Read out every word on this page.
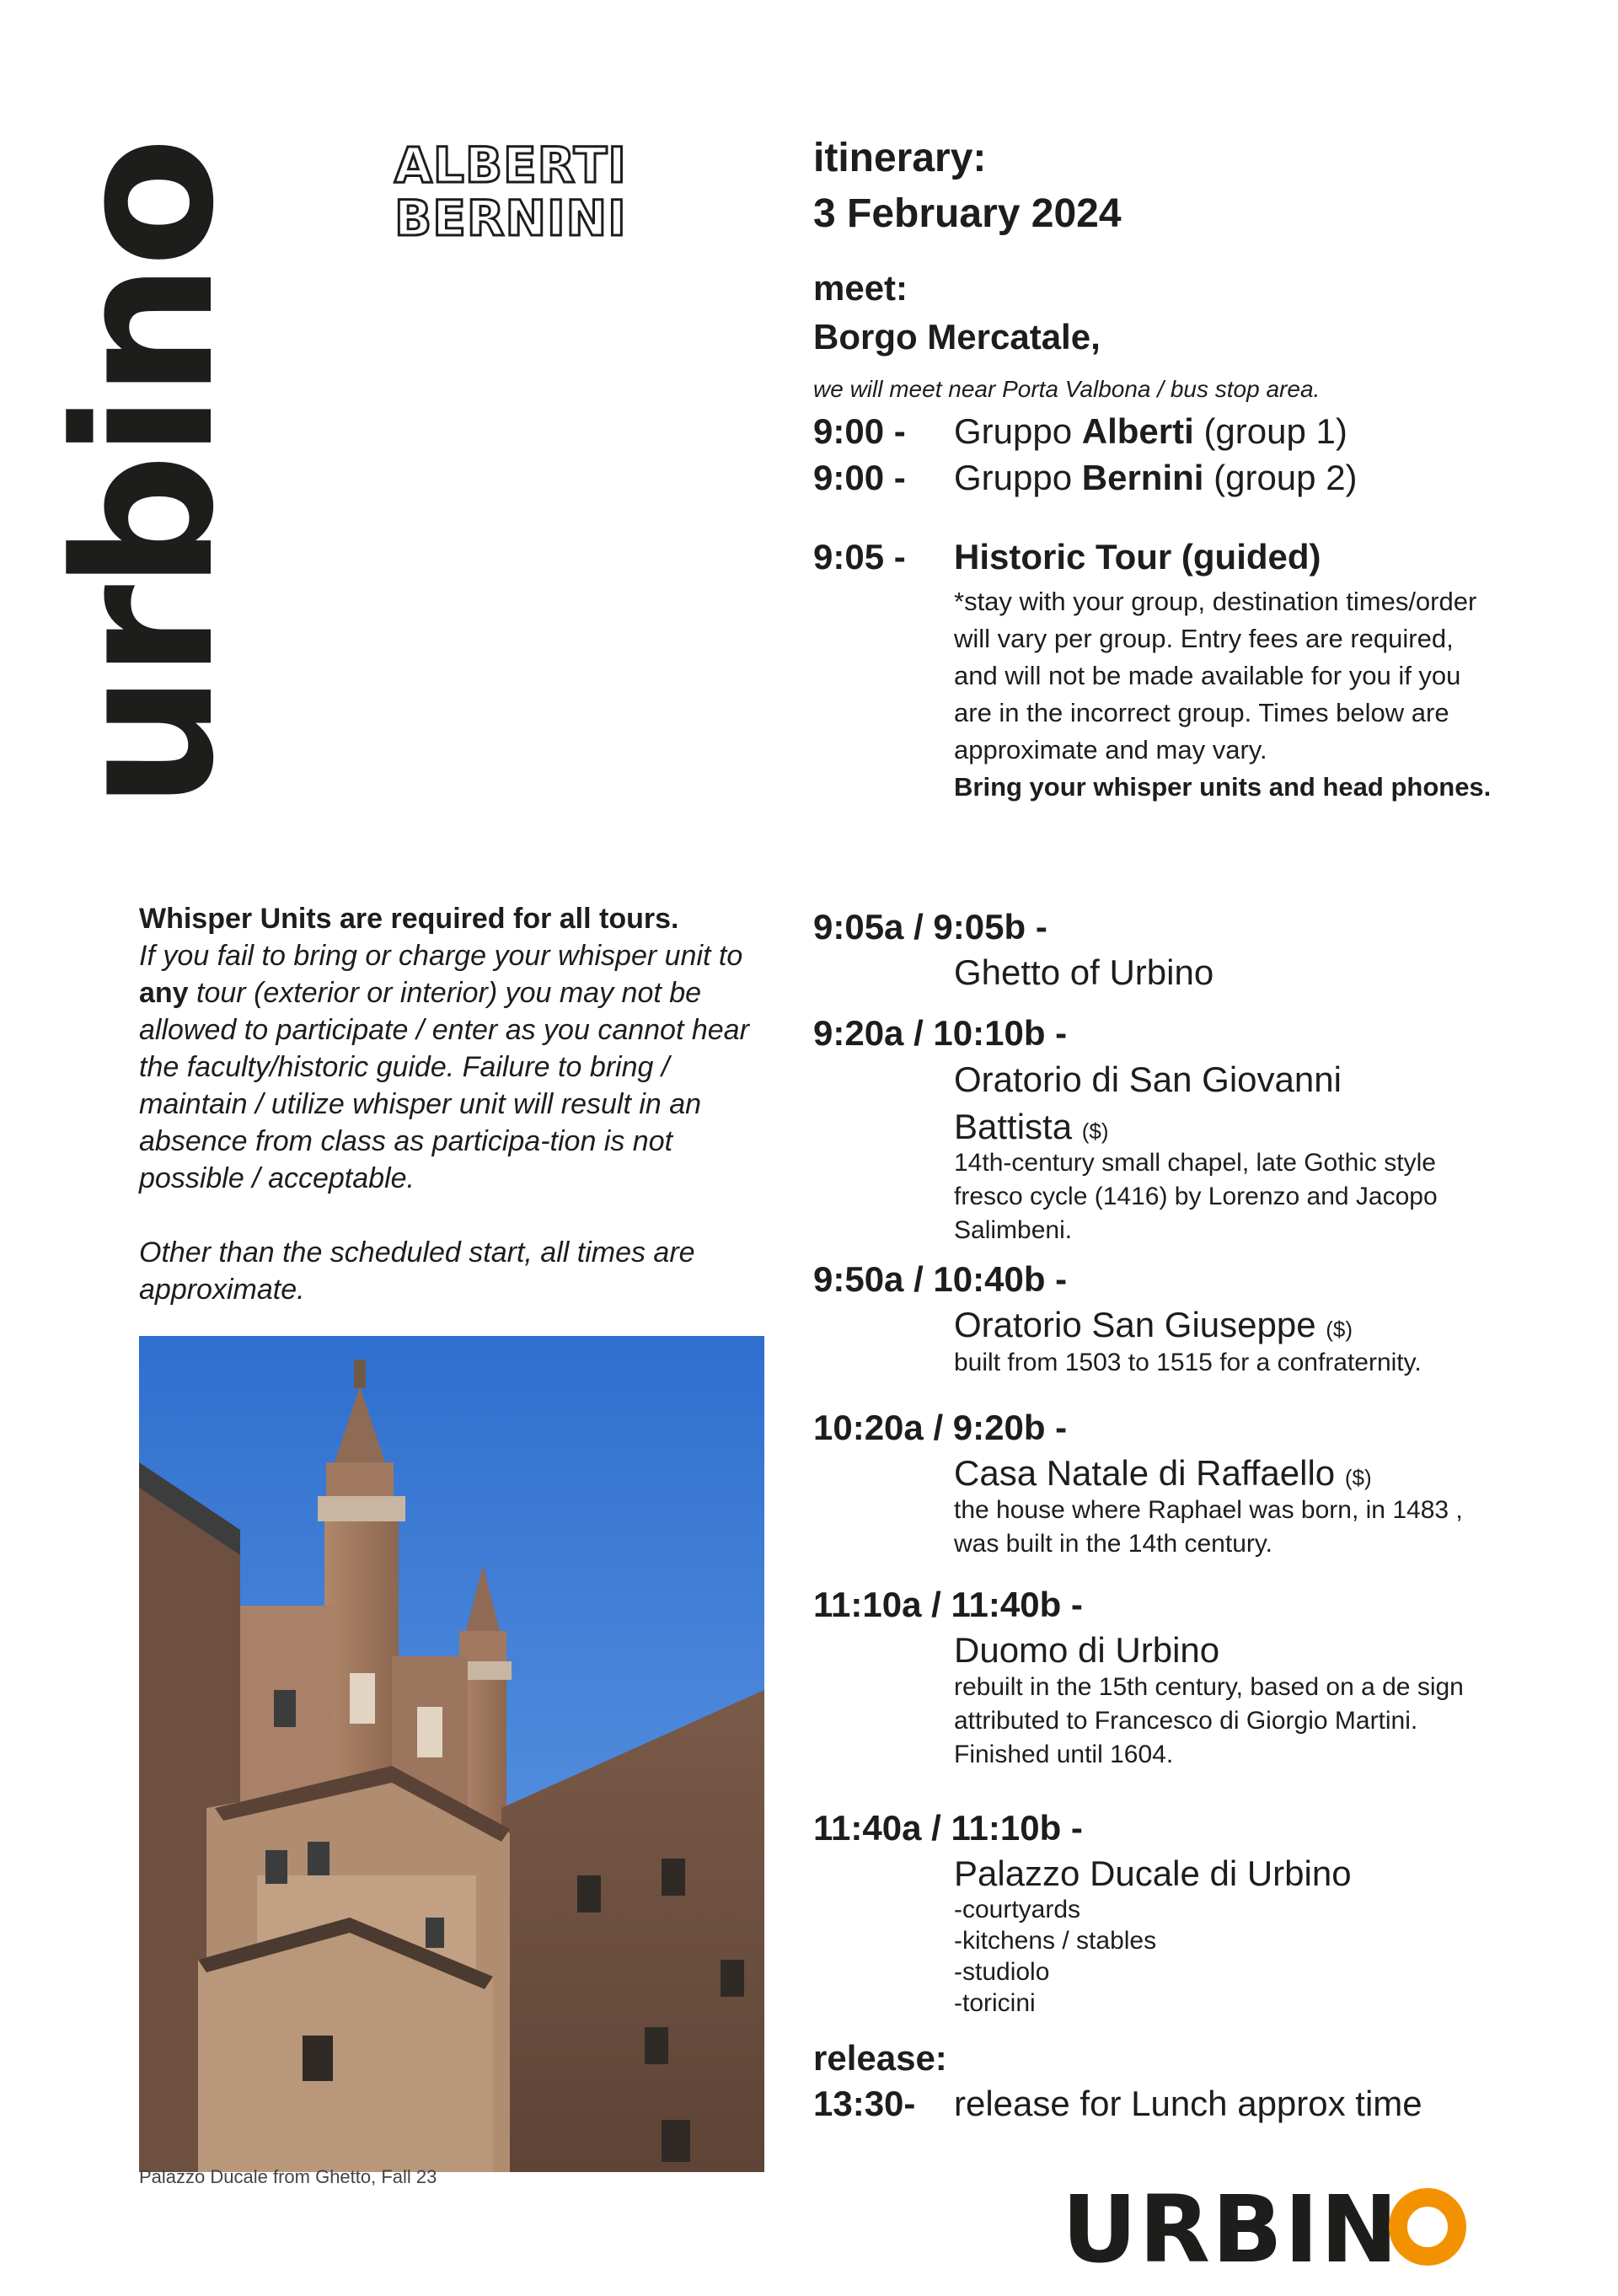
urbino	ALBERTI
BERNINI
itinerary:
3 February 2024
meet:
Borgo Mercatale,
we will meet near Porta Valbona / bus stop area.
9:00 - Gruppo Alberti (group 1)
9:00 - Gruppo Bernini (group 2)
9:05 - Historic Tour (guided)
*stay with your group, destination times/order will vary per group. Entry fees are required, and will not be made available for you if you are in the incorrect group. Times below are approximate and may vary.
Bring your whisper units and head phones.
9:05a / 9:05b -
Ghetto of Urbino
9:20a / 10:10b -
Oratorio di San Giovanni
Battista ($)
14th-century small chapel, late Gothic style fresco cycle (1416) by Lorenzo and Jacopo Salimbeni.
9:50a / 10:40b -
Oratorio San Giuseppe ($)
built from 1503 to 1515 for a confraternity.
10:20a / 9:20b -
Casa Natale di Raffaello ($)
the house where Raphael was born, in 1483 , was built in the 14th century.
11:10a / 11:40b -
Duomo di Urbino
rebuilt in the 15th century, based on a de sign attributed to Francesco di Giorgio Martini. Finished until 1604.
11:40a / 11:10b -
Palazzo Ducale di Urbino
-courtyards
-kitchens / stables
-studiolo
-toricini
release:
13:30- release for Lunch approx time
Whisper Units are required for all tours.
If you fail to bring or charge your whisper unit to any tour (exterior or interior) you may not be allowed to participate / enter as you cannot hear the faculty/historic guide. Failure to bring / maintain / utilize whisper unit will result in an absence from class as participa-tion is not possible / acceptable.
Other than the scheduled start, all times are approximate.
Palazzo Ducale from Ghetto, Fall 23	URBIN
